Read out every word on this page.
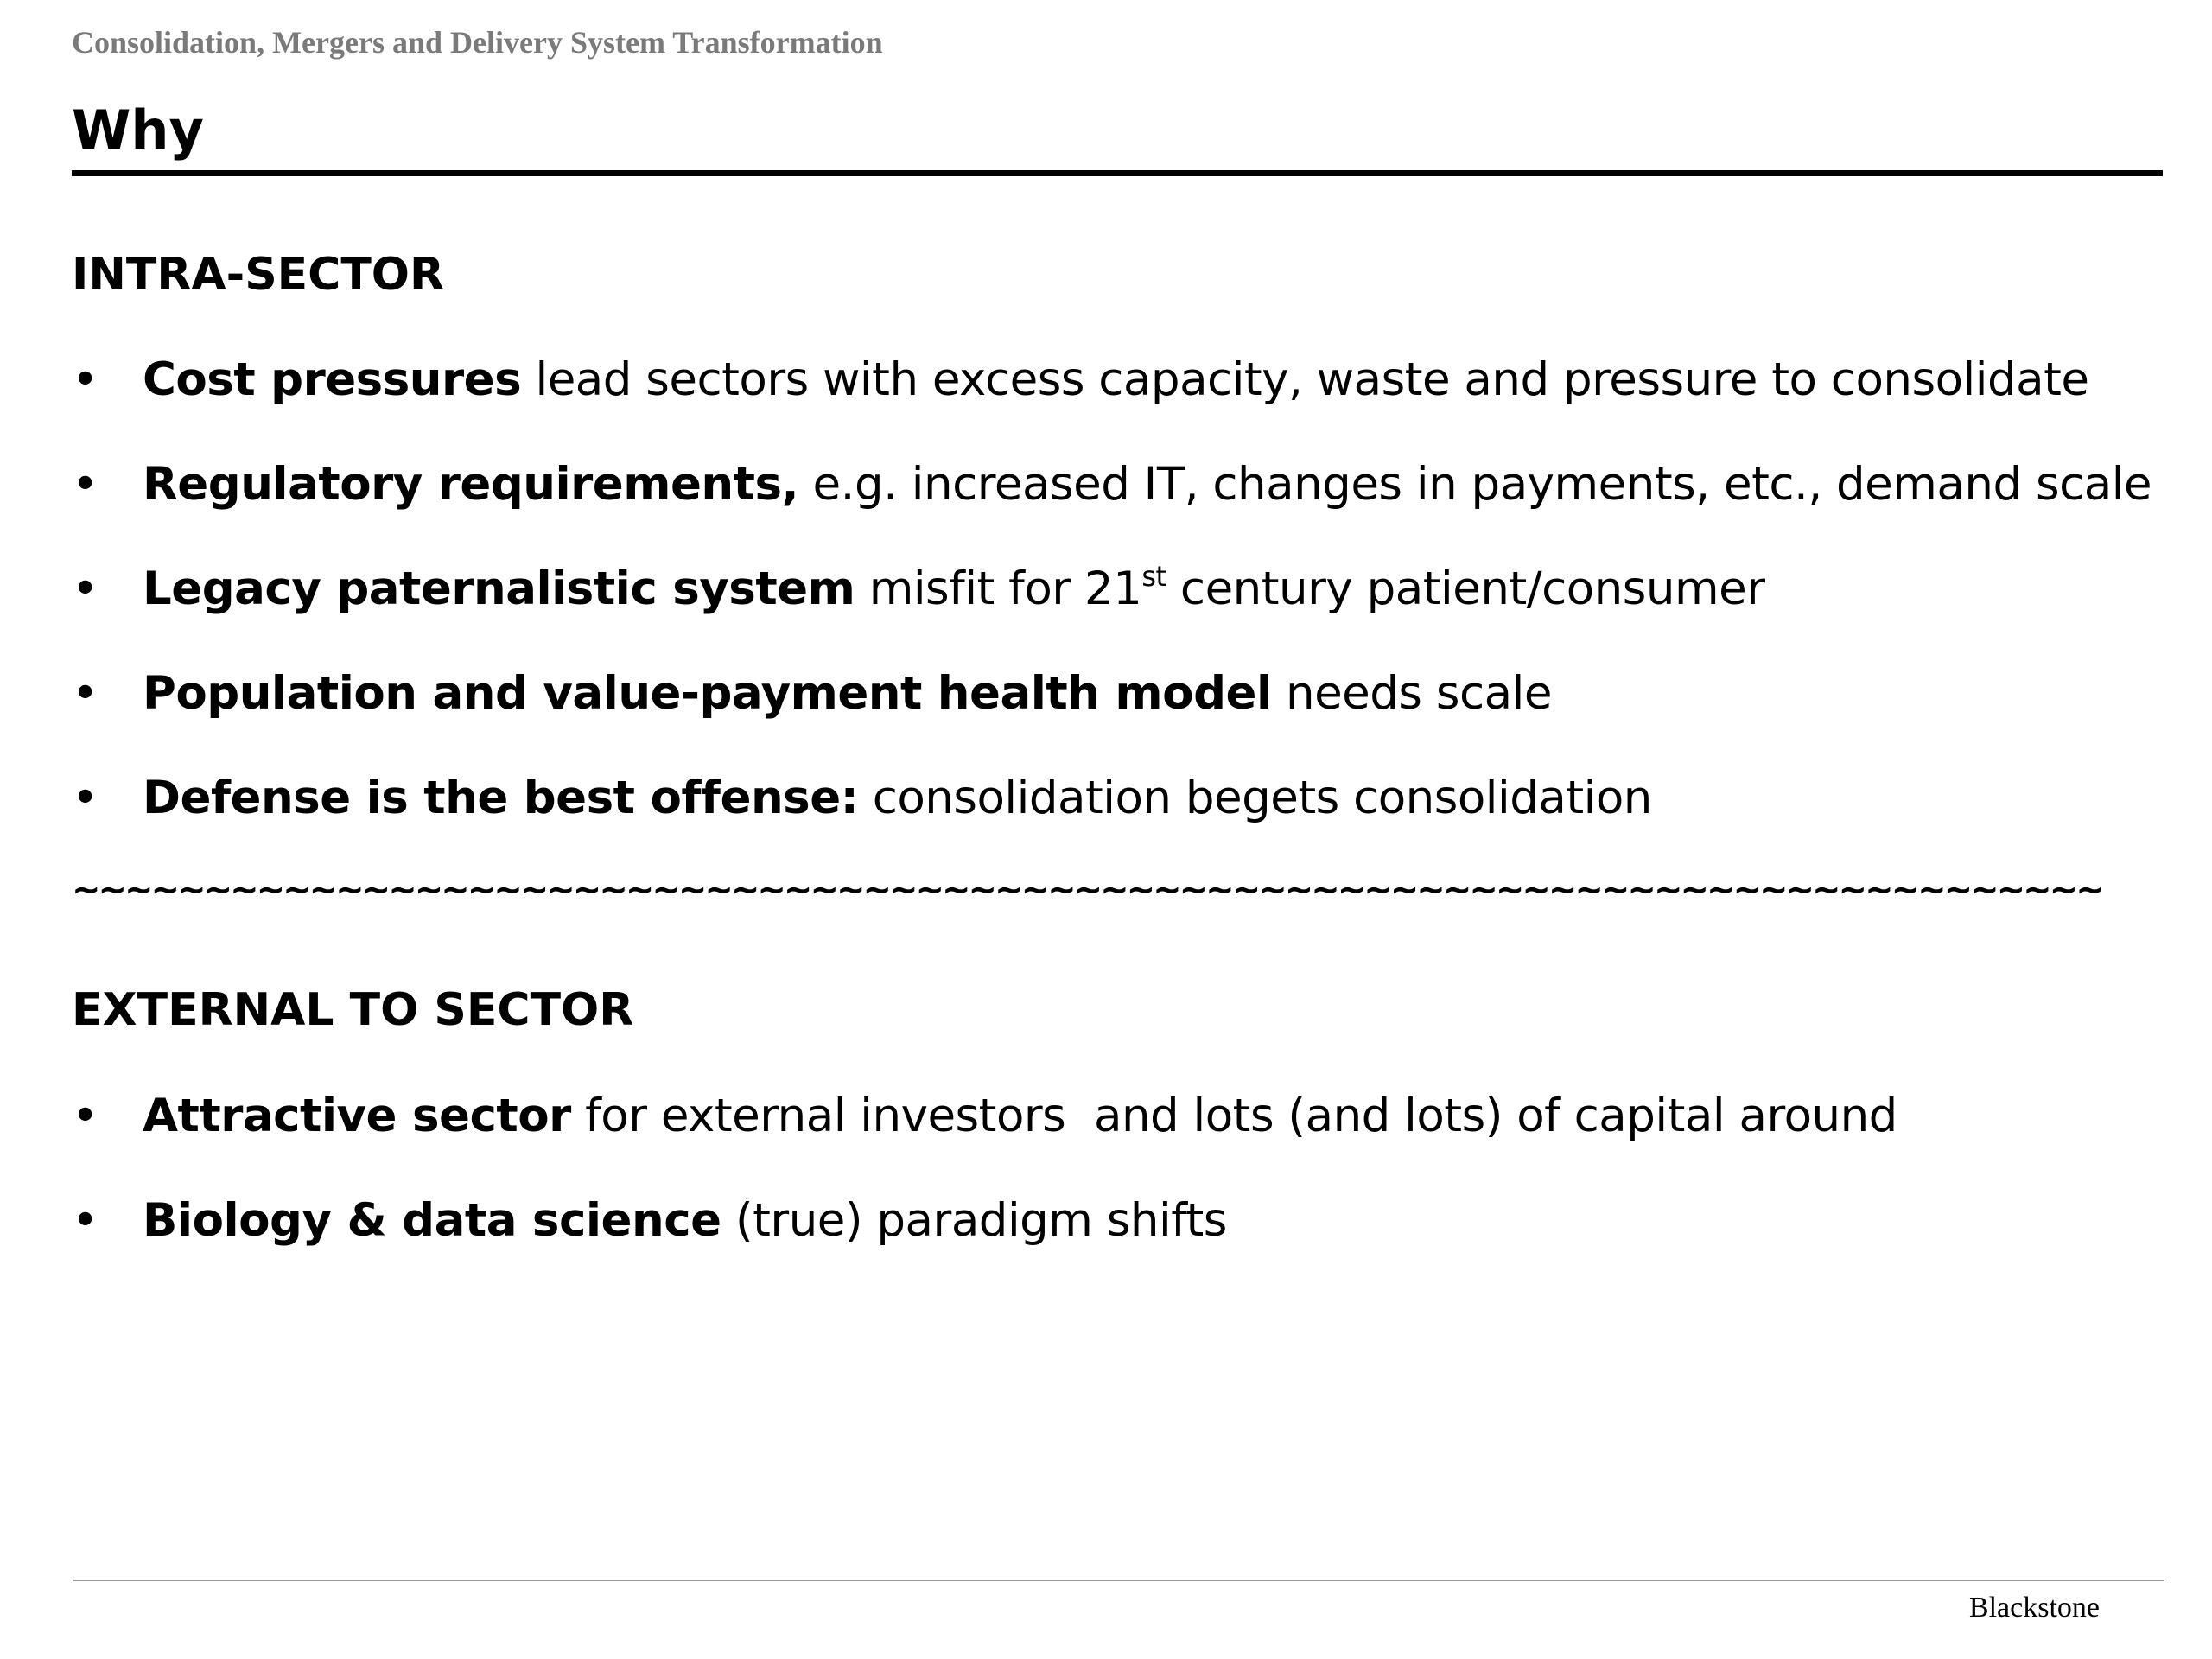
Consolidation, Mergers and Delivery System Transformation
Why
INTRA-SECTOR
• Cost pressures lead sectors with excess capacity, waste and pressure to consolidate
• Regulatory requirements, e.g. increased IT, changes in payments, etc., demand scale
• Legacy paternalistic system misfit for 21st century patient/consumer
• Population and value-payment health model needs scale
• Defense is the best offense: consolidation begets consolidation
~~~~~~~~~~~~~~~~~~~~~~~~~~~~~~~~~~~~~~~~~~~~~~~~~~~~~~~~~~~~~~~~~~~~~~~~~~~~~
EXTERNAL TO SECTOR
• Attractive sector for external investors  and lots (and lots) of capital around
• Biology & data science (true) paradigm shifts
Blackstone
